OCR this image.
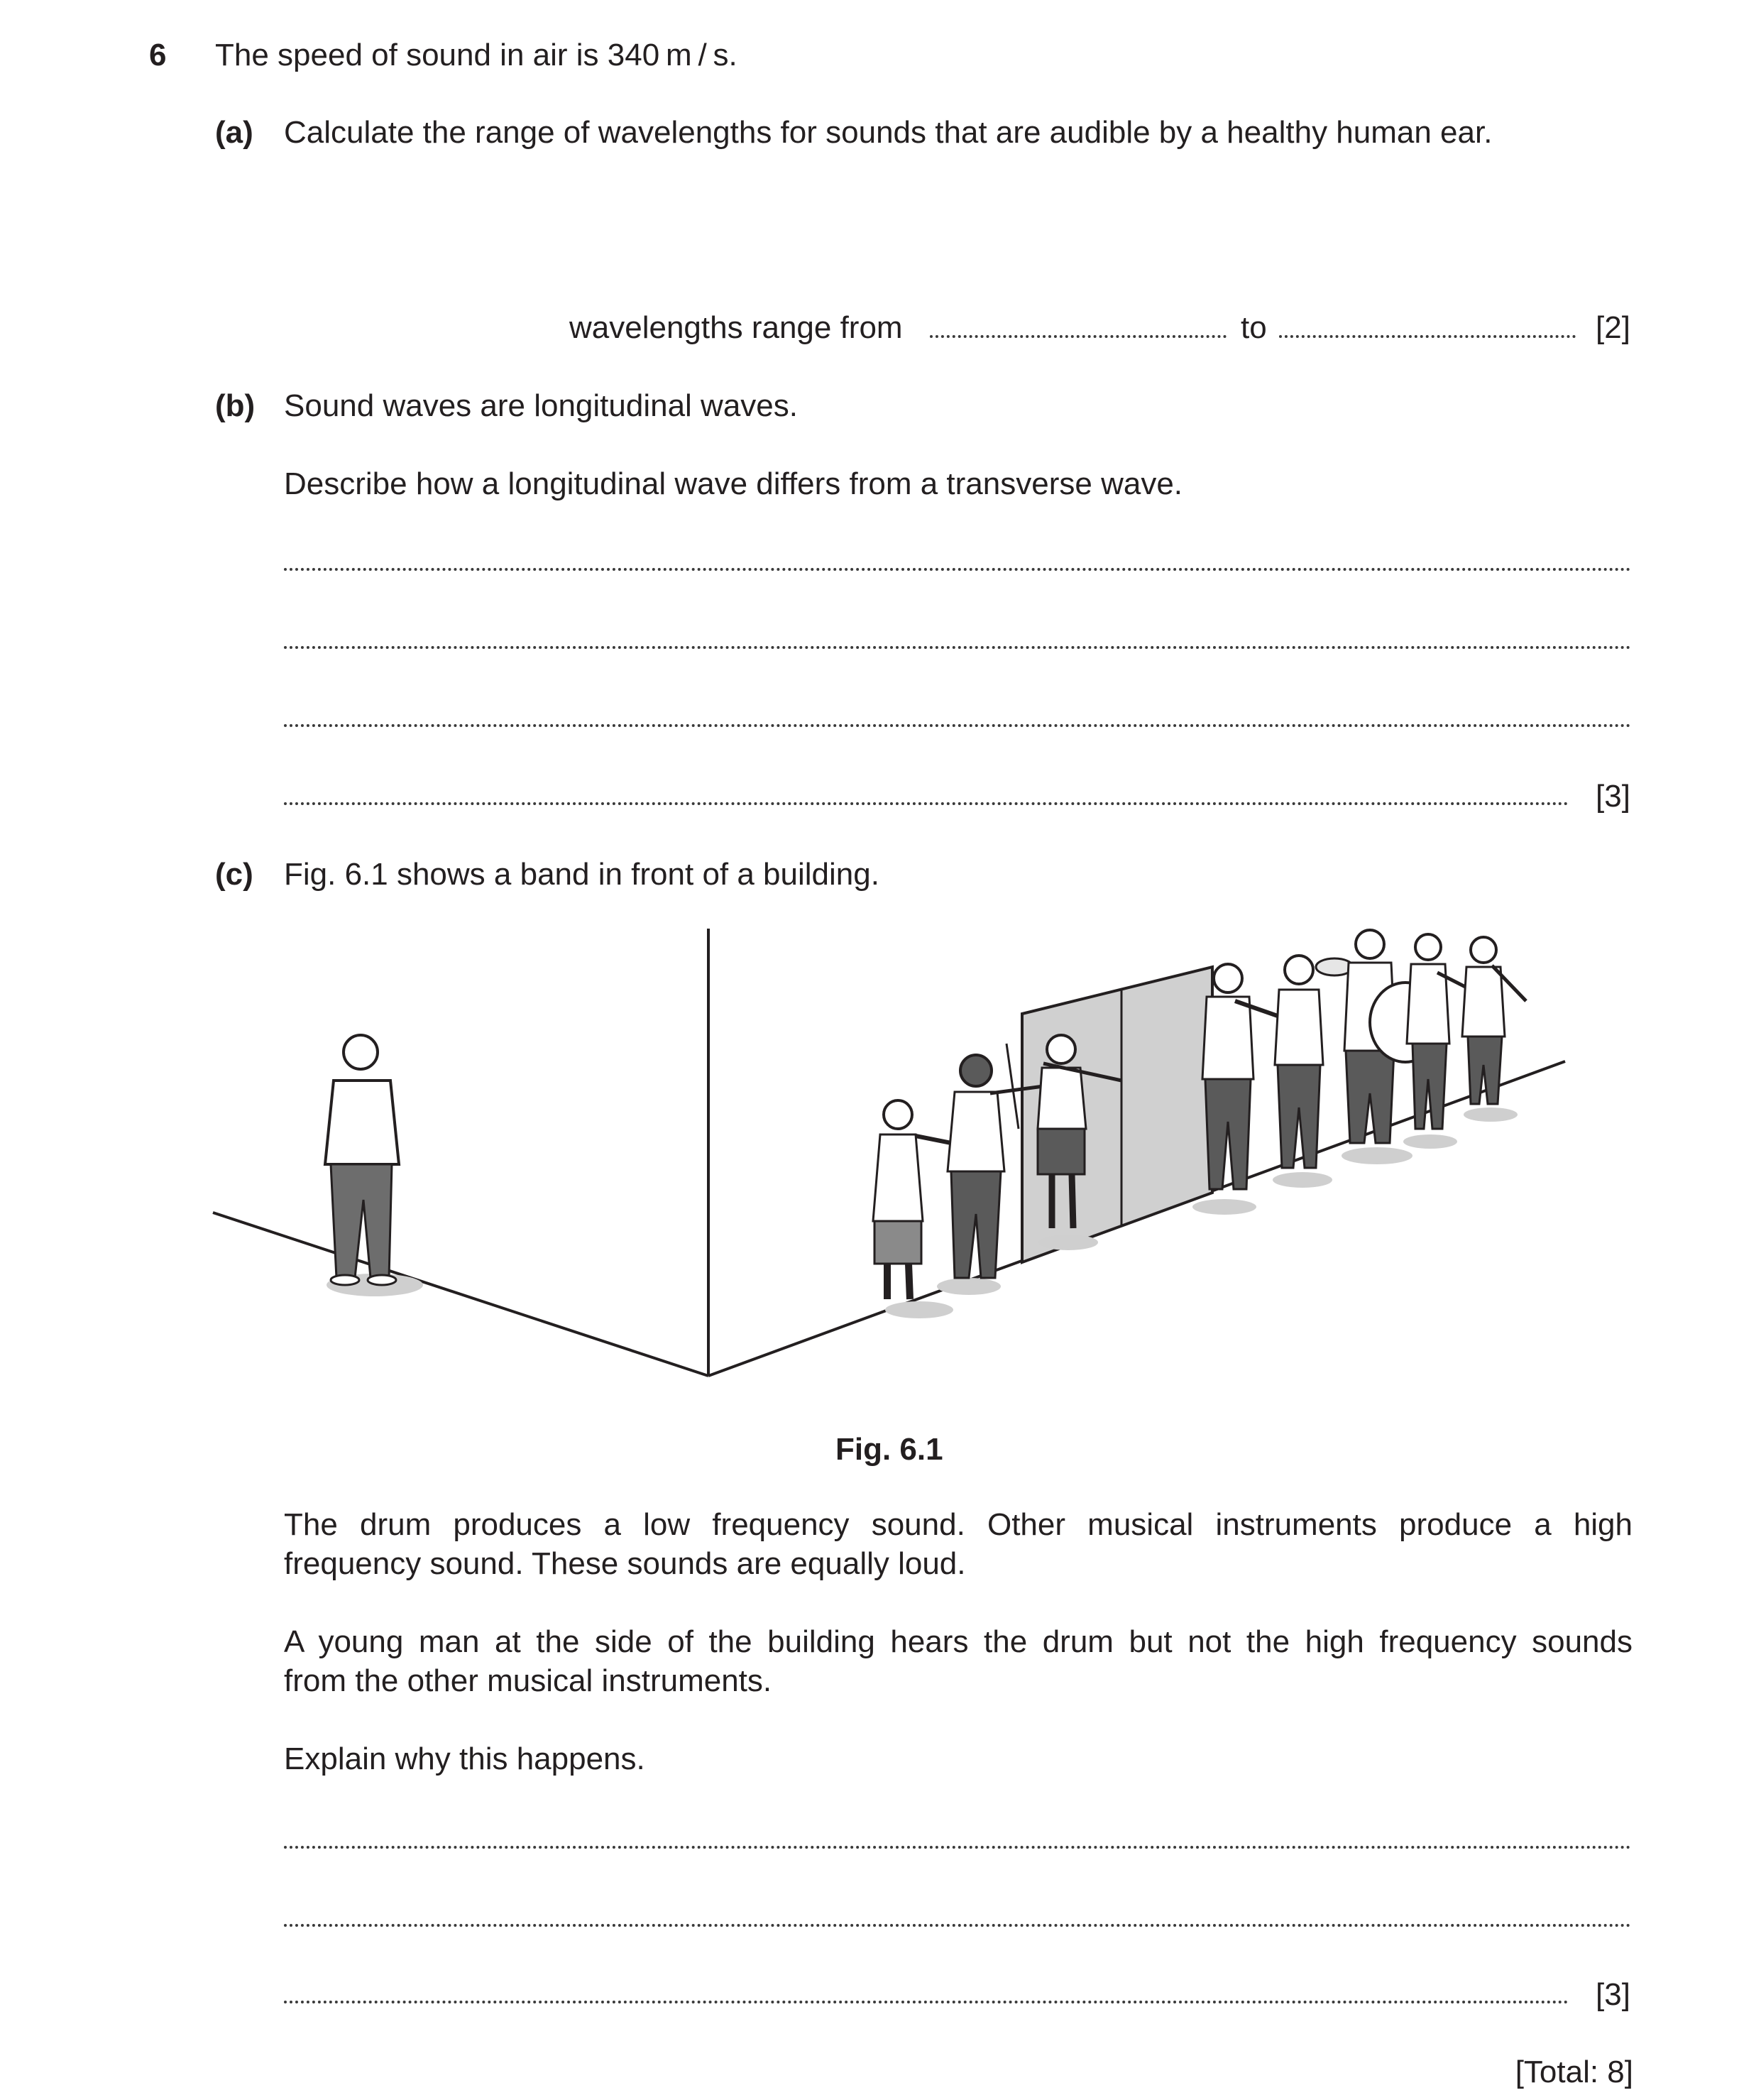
6 The speed of sound in air is 340 m / s.
(a) Calculate the range of wavelengths for sounds that are audible by a healthy human ear.
wavelengths range from	to	[2]
(b) Sound waves are longitudinal waves.
Describe how a longitudinal wave differs from a transverse wave.
[3]
(c) Fig. 6.1 shows a band in front of a building.
Fig. 6.1
The drum produces a low frequency sound. Other musical instruments produce a high
frequency sound. These sounds are equally loud.
A young man at the side of the building hears the drum but not the high frequency sounds
from the other musical instruments.
Explain why this happens.
[3]
[Total: 8]
